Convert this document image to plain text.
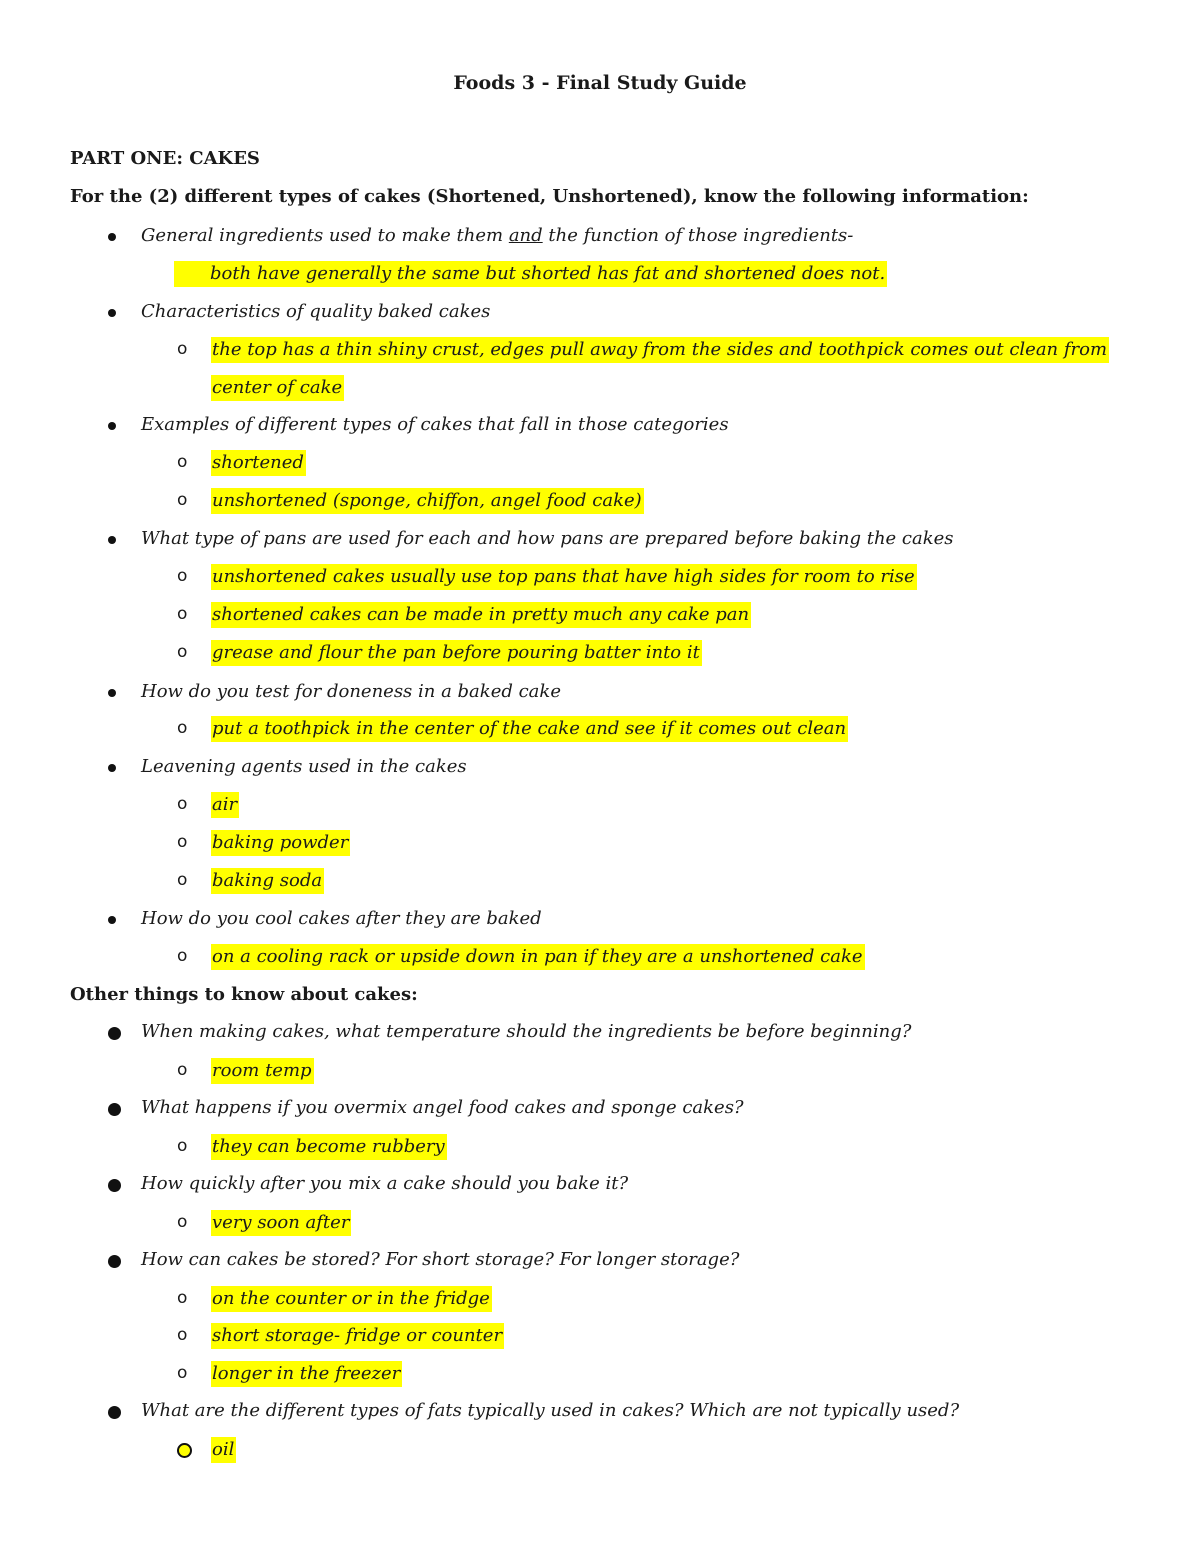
Foods 3 - Final Study Guide
PART ONE: CAKES
For the (2) different types of cakes (Shortened, Unshortened), know the following information:
General ingredients used to make them and the function of those ingredients-
both have generally the same but shorted has fat and shortened does not.
Characteristics of quality baked cakes
o the top has a thin shiny crust, edges pull away from the sides and toothpick comes out clean from
center of cake
Examples of different types of cakes that fall in those categories
o shortened
o unshortened (sponge, chiffon, angel food cake)
What type of pans are used for each and how pans are prepared before baking the cakes
o unshortened cakes usually use top pans that have high sides for room to rise
o shortened cakes can be made in pretty much any cake pan
o grease and flour the pan before pouring batter into it
How do you test for doneness in a baked cake
o put a toothpick in the center of the cake and see if it comes out clean
Leavening agents used in the cakes
o air
o baking powder
o baking soda
How do you cool cakes after they are baked
o on a cooling rack or upside down in pan if they are a unshortened cake
Other things to know about cakes:
When making cakes, what temperature should the ingredients be before beginning?
o room temp
What happens if you overmix angel food cakes and sponge cakes?
o they can become rubbery
How quickly after you mix a cake should you bake it?
o very soon after
How can cakes be stored? For short storage? For longer storage?
o on the counter or in the fridge
o short storage- fridge or counter
o longer in the freezer
What are the different types of fats typically used in cakes? Which are not typically used?
oil
